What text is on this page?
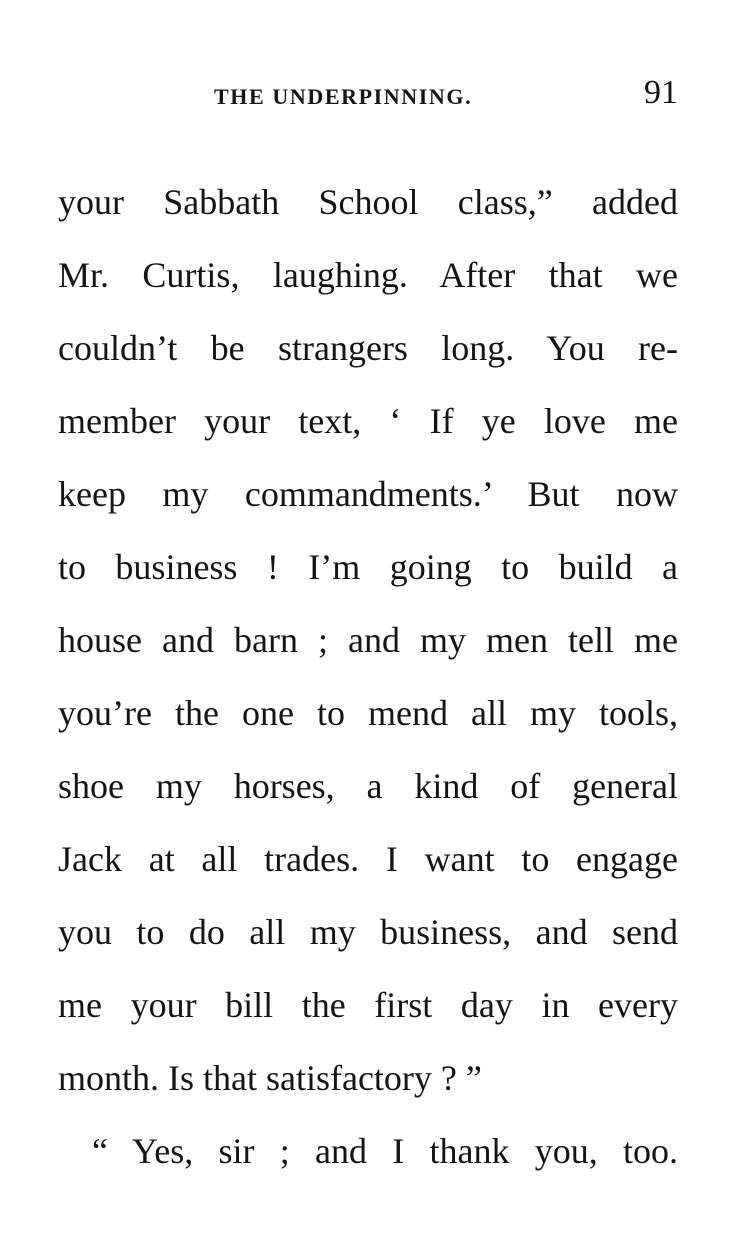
THE UNDERPINNING.	91
your Sabbath School class,” added
Mr. Curtis, laughing. After that we
couldn’t be strangers long. You re-
member your text, ‘ If ye love me
keep my commandments.’ But now
to business ! I’m going to build a
house and barn ; and my men tell me
you’re the one to mend all my tools,
shoe my horses, a kind of general
Jack at all trades. I want to engage
you to do all my business, and send
me your bill the first day in every
month. Is that satisfactory ? ”
“ Yes, sir ; and I thank you, too.
